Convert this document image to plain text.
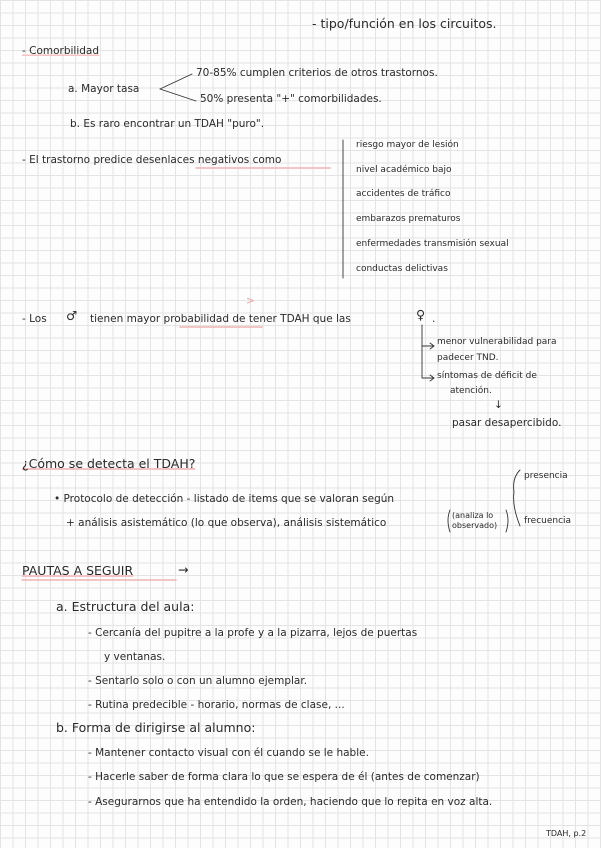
- tipo/función en los circuitos.
- Comorbilidad
a. Mayor tasa
70-85% cumplen criterios de otros trastornos.
50% presenta "+" comorbilidades.
b. Es raro encontrar un TDAH "puro".
- El trastorno predice desenlaces negativos como
riesgo mayor de lesión
nivel académico bajo
accidentes de tráfico
embarazos prematuros
enfermedades transmisión sexual
conductas delictivas
- Los ♂ tienen mayor probabilidad de tener TDAH que las	♀ .
>
menor vulnerabilidad para
padecer TND.
síntomas de déficit de
atención.
↓
pasar desapercibido.
¿Cómo se detecta el TDAH?
• Protocolo de detección - listado de items que se valoran según
+ análisis asistemático (lo que observa), análisis sistemático
(analiza lo
observado)
presencia
frecuencia
PAUTAS A SEGUIR	→
a. Estructura del aula:
- Cercanía del pupitre a la profe y a la pizarra, lejos de puertas
y ventanas.
- Sentarlo solo o con un alumno ejemplar.
- Rutina predecible - horario, normas de clase, ...
b. Forma de dirigirse al alumno:
- Mantener contacto visual con él cuando se le hable.
- Hacerle saber de forma clara lo que se espera de él (antes de comenzar)
- Asegurarnos que ha entendido la orden, haciendo que lo repita en voz alta.
TDAH, p.2
